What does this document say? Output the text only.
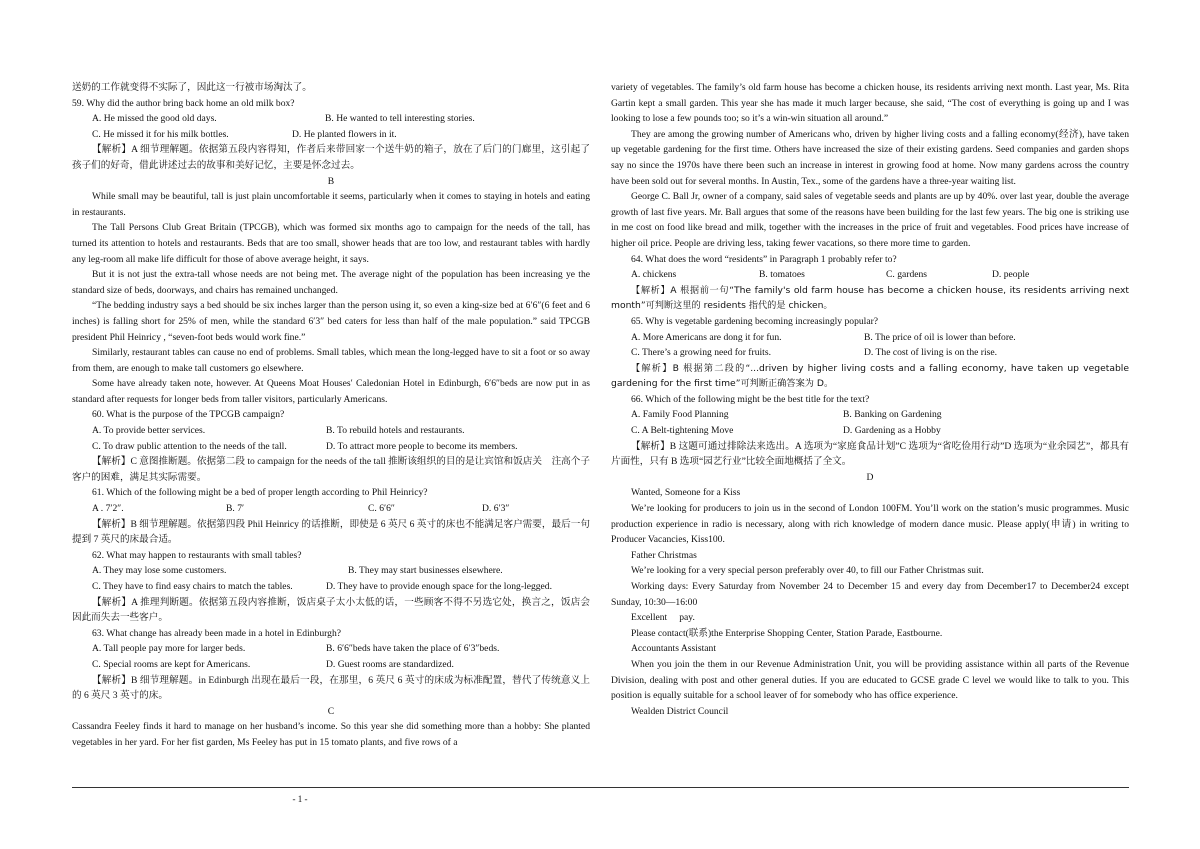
送奶的工作就变得不实际了，因此这一行被市场淘汰了。

59. Why did the author bring back home an old milk box?

A. He missed the good old days.	B. He wanted to tell interesting stories.
C. He missed it for his milk bottles.	D. He planted flowers in it.

【解析】A 细节理解题。依据第五段内容得知，作者后来带回家一个送牛奶的箱子，放在了后门的门廊里，这引起了孩子们的好奇，借此讲述过去的故事和美好记忆，主要是怀念过去。

B

While small may be beautiful, tall is just plain uncomfortable it seems, particularly when it comes to staying in hotels and eating in restaurants.

The Tall Persons Club Great Britain (TPCGB), which was formed six months ago to campaign for the needs of the tall, has turned its attention to hotels and restaurants. Beds that are too small, shower heads that are too low, and restaurant tables with hardly any leg-room all make life difficult for those of above average height, it says.

But it is not just the extra-tall whose needs are not being met. The average night of the population has been increasing ye the standard size of beds, doorways, and chairs has remained unchanged.

“The bedding industry says a bed should be six inches larger than the person using it, so even a king-size bed at 6′6″(6 feet and 6 inches) is falling short for 25% of men, while the standard 6′3″ bed caters for less than half of the male population.” said TPCGB president Phil Heinricy , “seven-foot beds would work fine.”

Similarly, restaurant tables can cause no end of problems. Small tables, which mean the long-legged have to sit a foot or so away from them, are enough to make tall customers go elsewhere.

Some have already taken note, however. At Queens Moat Houses′ Caledonian Hotel in Edinburgh, 6′6″beds are now put in as standard after requests for longer beds from taller visitors, particularly Americans.

60. What is the purpose of the TPCGB campaign?

A. To provide better services.	B. To rebuild hotels and restaurants.
C. To draw public attention to the needs of the tall.	D. To attract more people to become its members.

【解析】C 意图推断题。依据第二段 to campaign for the needs of the tall 推断该组织的目的是让宾馆和饭店关　注高个子客户的困难，满足其实际需要。

61. Which of the following might be a bed of proper length according to Phil Heinricy?

A . 7′2″.	B. 7′	C. 6′6″	D. 6′3″

【解析】B 细节理解题。依据第四段 Phil Heinricy 的话推断，即使是 6 英尺 6 英寸的床也不能满足客户需要，最后一句提到 7 英尺的床最合适。

62. What may happen to restaurants with small tables?

A. They may lose some customers.	B. They may start businesses elsewhere.
C. They have to find easy chairs to match the tables.	D. They have to provide enough space for the long-legged.

【解析】A 推理判断题。依据第五段内容推断，饭店桌子太小太低的话，一些顾客不得不另选它处，换言之，饭店会因此而失去一些客户。

63. What change has already been made in a hotel in Edinburgh?

A. Tall people pay more for larger beds.	B. 6′6″beds have taken the place of 6′3″beds.
C. Special rooms are kept for Americans.	D. Guest rooms are standardized.

【解析】B 细节理解题。in Edinburgh 出现在最后一段，在那里，6 英尺 6 英寸的床成为标准配置，替代了传统意义上的 6 英尺 3 英寸的床。

C

Cassandra Feeley finds it hard to manage on her husband’s income. So this year she did something more than a hobby: She planted vegetables in her yard. For her fist garden, Ms Feeley has put in 15 tomato plants, and five rows of a

variety of vegetables. The family’s old farm house has become a chicken house, its residents arriving next month. Last year, Ms. Rita Gartin kept a small garden. This year she has made it much larger because, she said, “The cost of everything is going up and I was looking to lose a few pounds too; so it’s a win-win situation all around.”

They are among the growing number of Americans who, driven by higher living costs and a falling economy(经济), have taken up vegetable gardening for the first time. Others have increased the size of their existing gardens. Seed companies and garden shops say no since the 1970s have there been such an increase in interest in growing food at home. Now many gardens across the country have been sold out for several months. In Austin, Tex., some of the gardens have a three-year waiting list.

George C. Ball Jr, owner of a company, said sales of vegetable seeds and plants are up by 40%. over last year, double the average growth of last five years. Mr. Ball argues that some of the reasons have been building for the last few years. The big one is striking use in me cost on food like bread and milk, together with the increases in the price of fruit and vegetables. Food prices have increase of higher oil price. People are driving less, taking fewer vacations, so there more time to garden.

64. What does the word “residents” in Paragraph 1 probably refer to?

A. chickens	B. tomatoes	C. gardens	D. people

【解析】A 根据前一句“The family's old farm house has become a chicken house, its residents arriving next month”可判断这里的 residents 指代的是 chicken。

65. Why is vegetable gardening becoming increasingly popular?

A. More Americans are dong it for fun.	B. The price of oil is lower than before.
C. There’s a growing need for fruits.	D. The cost of living is on the rise.

【解析】B 根据第二段的“...driven by higher living costs and a falling economy, have taken up vegetable gardening for the first time”可判断正确答案为 D。

66. Which of the following might be the best title for the text?

A. Family Food Planning	B. Banking on Gardening
C. A Belt-tightening Move	D. Gardening as a Hobby

【解析】B 这题可通过排除法来选出。A 选项为“家庭食品计划”C 选项为“省吃俭用行动”D 选项为“业余园艺”，都具有片面性，只有 B 选项“园艺行业”比较全面地概括了全文。

D

Wanted, Someone for a Kiss

We’re looking for producers to join us in the second of London 100FM. You’ll work on the station’s music programmes. Music production experience in radio is necessary, along with rich knowledge of modern dance music. Please apply(申请) in writing to Producer Vacancies, Kiss100.

Father Christmas

We’re looking for a very special person preferably over 40, to fill our Father Christmas suit.

Working days: Every Saturday from November 24 to December 15 and every day from December17 to December24 except Sunday, 10:30—16:00

Excellent　 pay.

Please contact(联系)the Enterprise Shopping Center, Station Parade, Eastbourne.

Accountants Assistant

When you join the them in our Revenue Administration Unit, you will be providing assistance within all parts of the Revenue Division, dealing with post and other general duties. If you are educated to GCSE grade C level we would like to talk to you. This position is equally suitable for a school leaver of for somebody who has office experience.

Wealden District Council

- 1 -
